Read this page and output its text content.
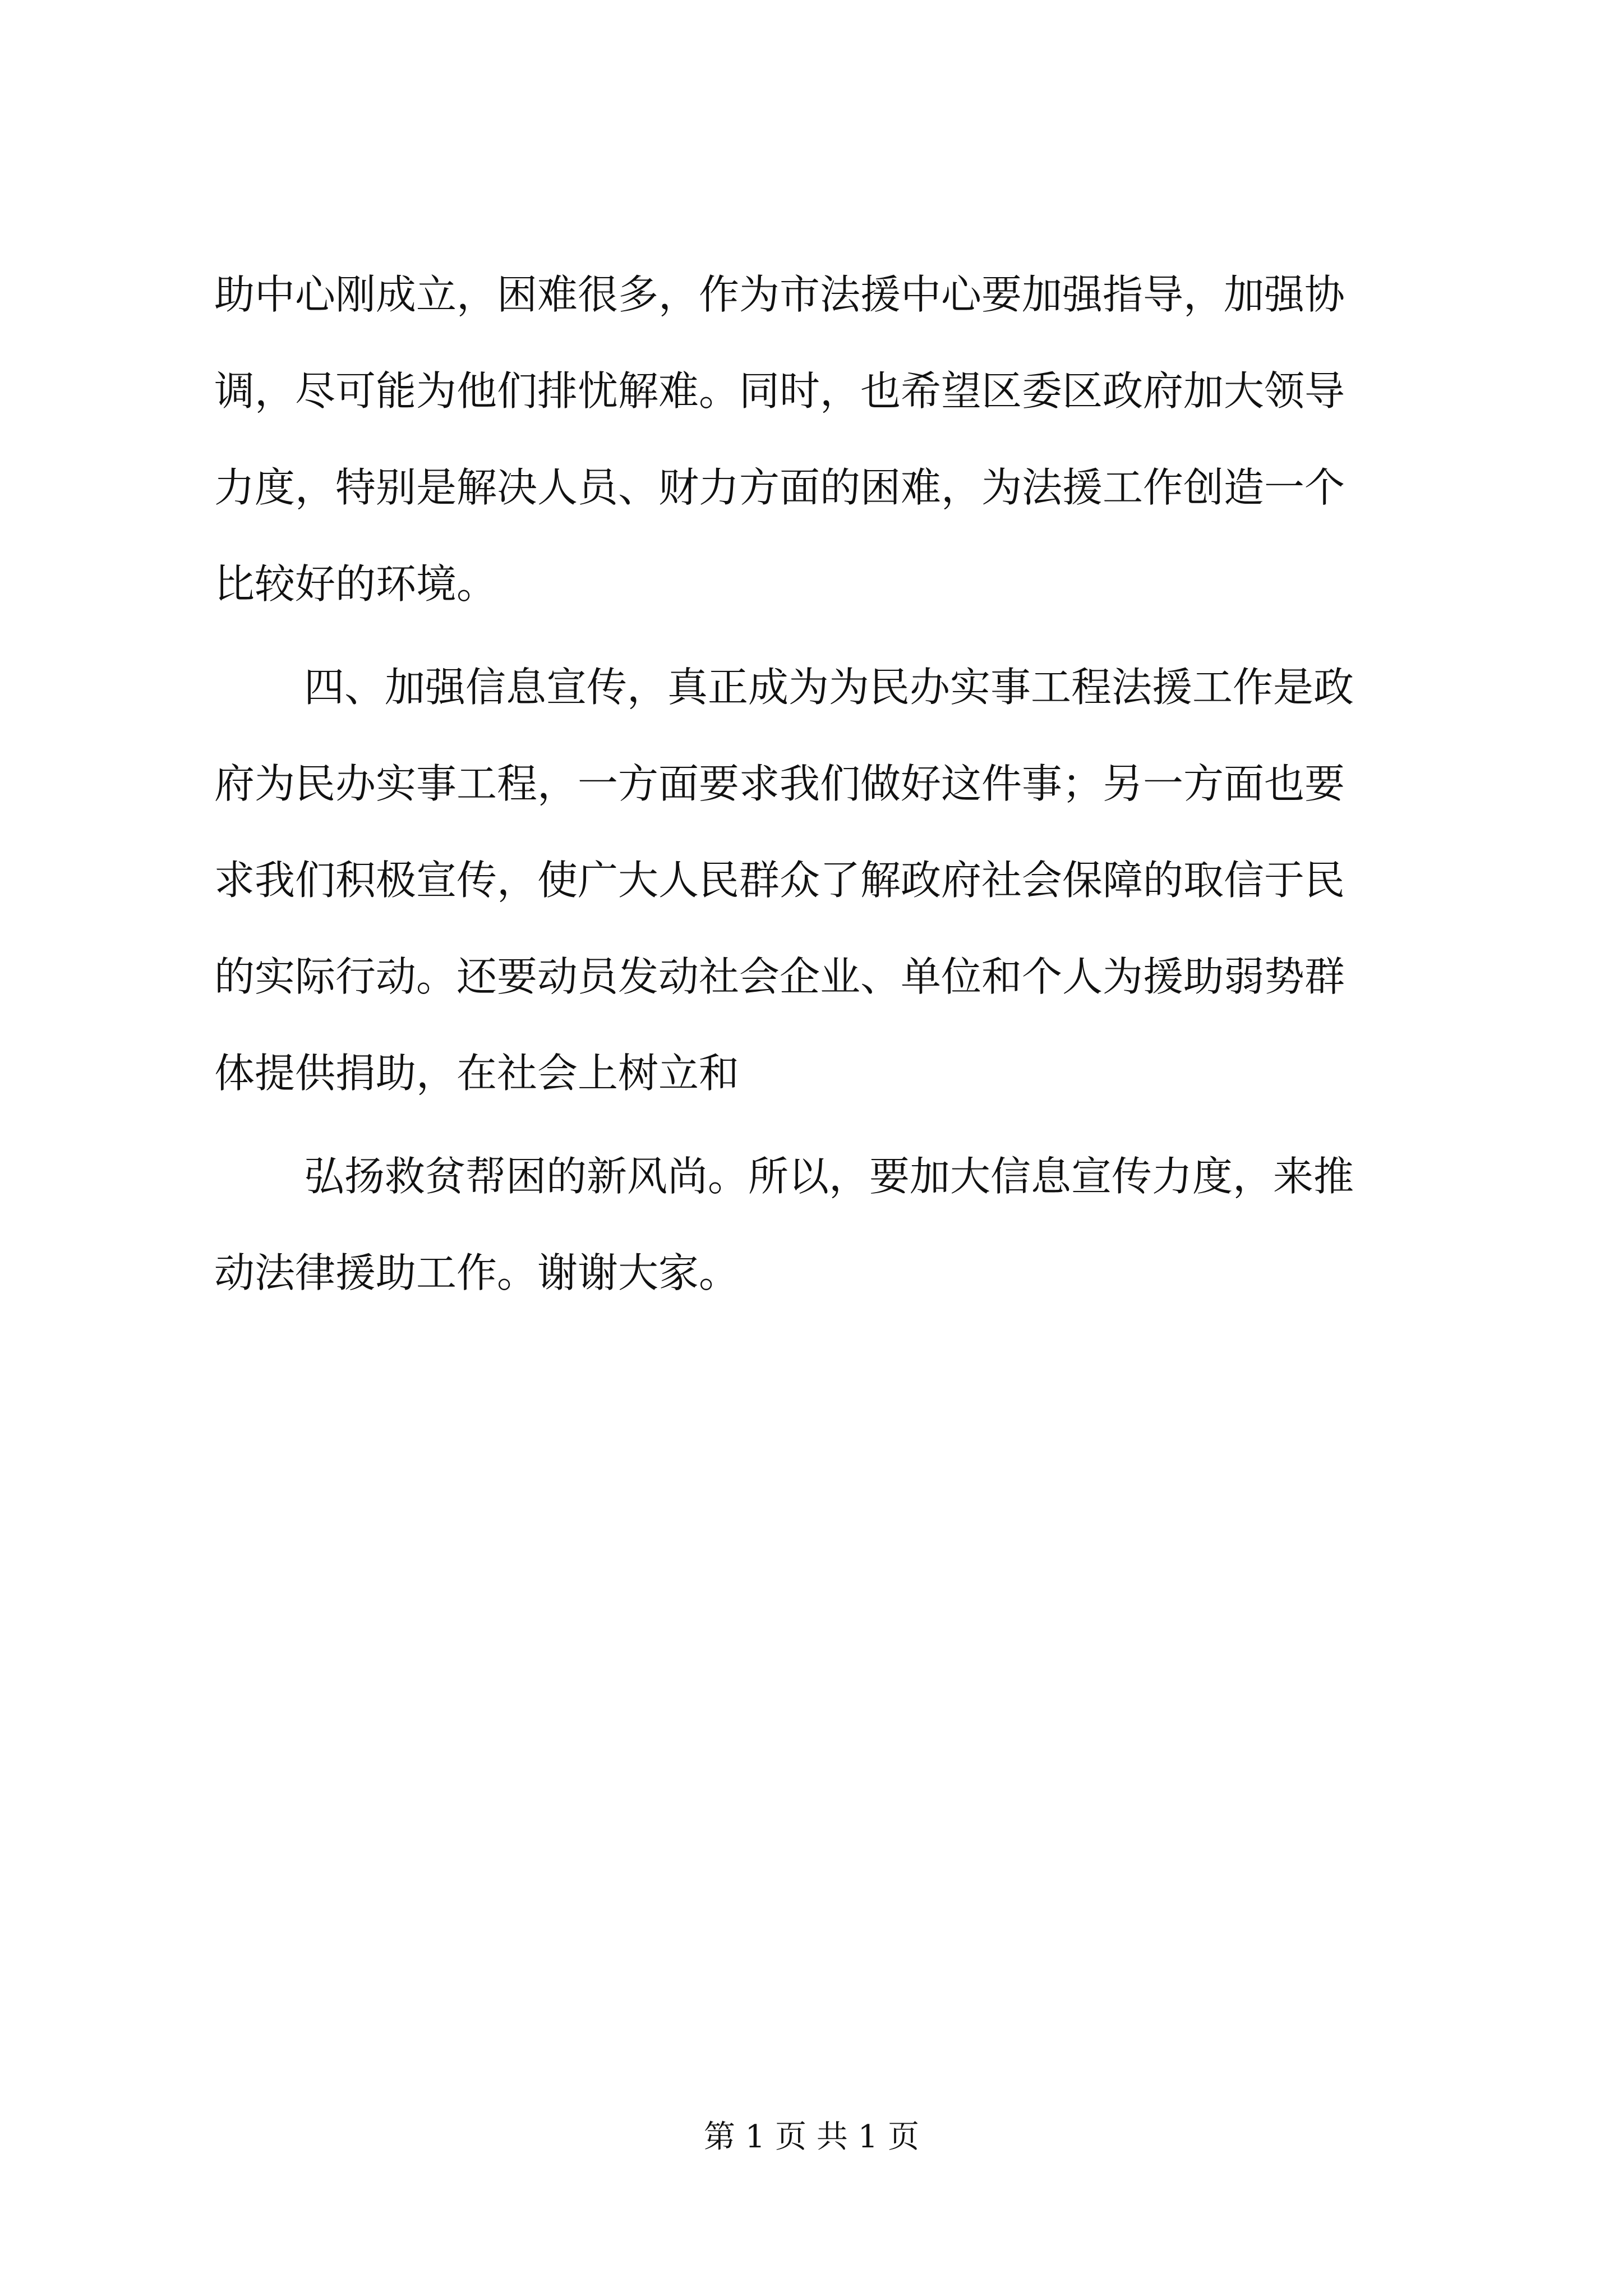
助中心刚成立，困难很多，作为市法援中心要加强指导，加强协
调，尽可能为他们排忧解难。同时，也希望区委区政府加大领导
力度，特别是解决人员、财力方面的困难，为法援工作创造一个
比较好的环境。
四、加强信息宣传，真正成为为民办实事工程法援工作是政
府为民办实事工程，一方面要求我们做好这件事；另一方面也要
求我们积极宣传，使广大人民群众了解政府社会保障的取信于民
的实际行动。还要动员发动社会企业、单位和个人为援助弱势群
体提供捐助，在社会上树立和
弘扬救贫帮困的新风尚。所以，要加大信息宣传力度，来推
动法律援助工作。谢谢大家。
第 1 页 共 1 页
